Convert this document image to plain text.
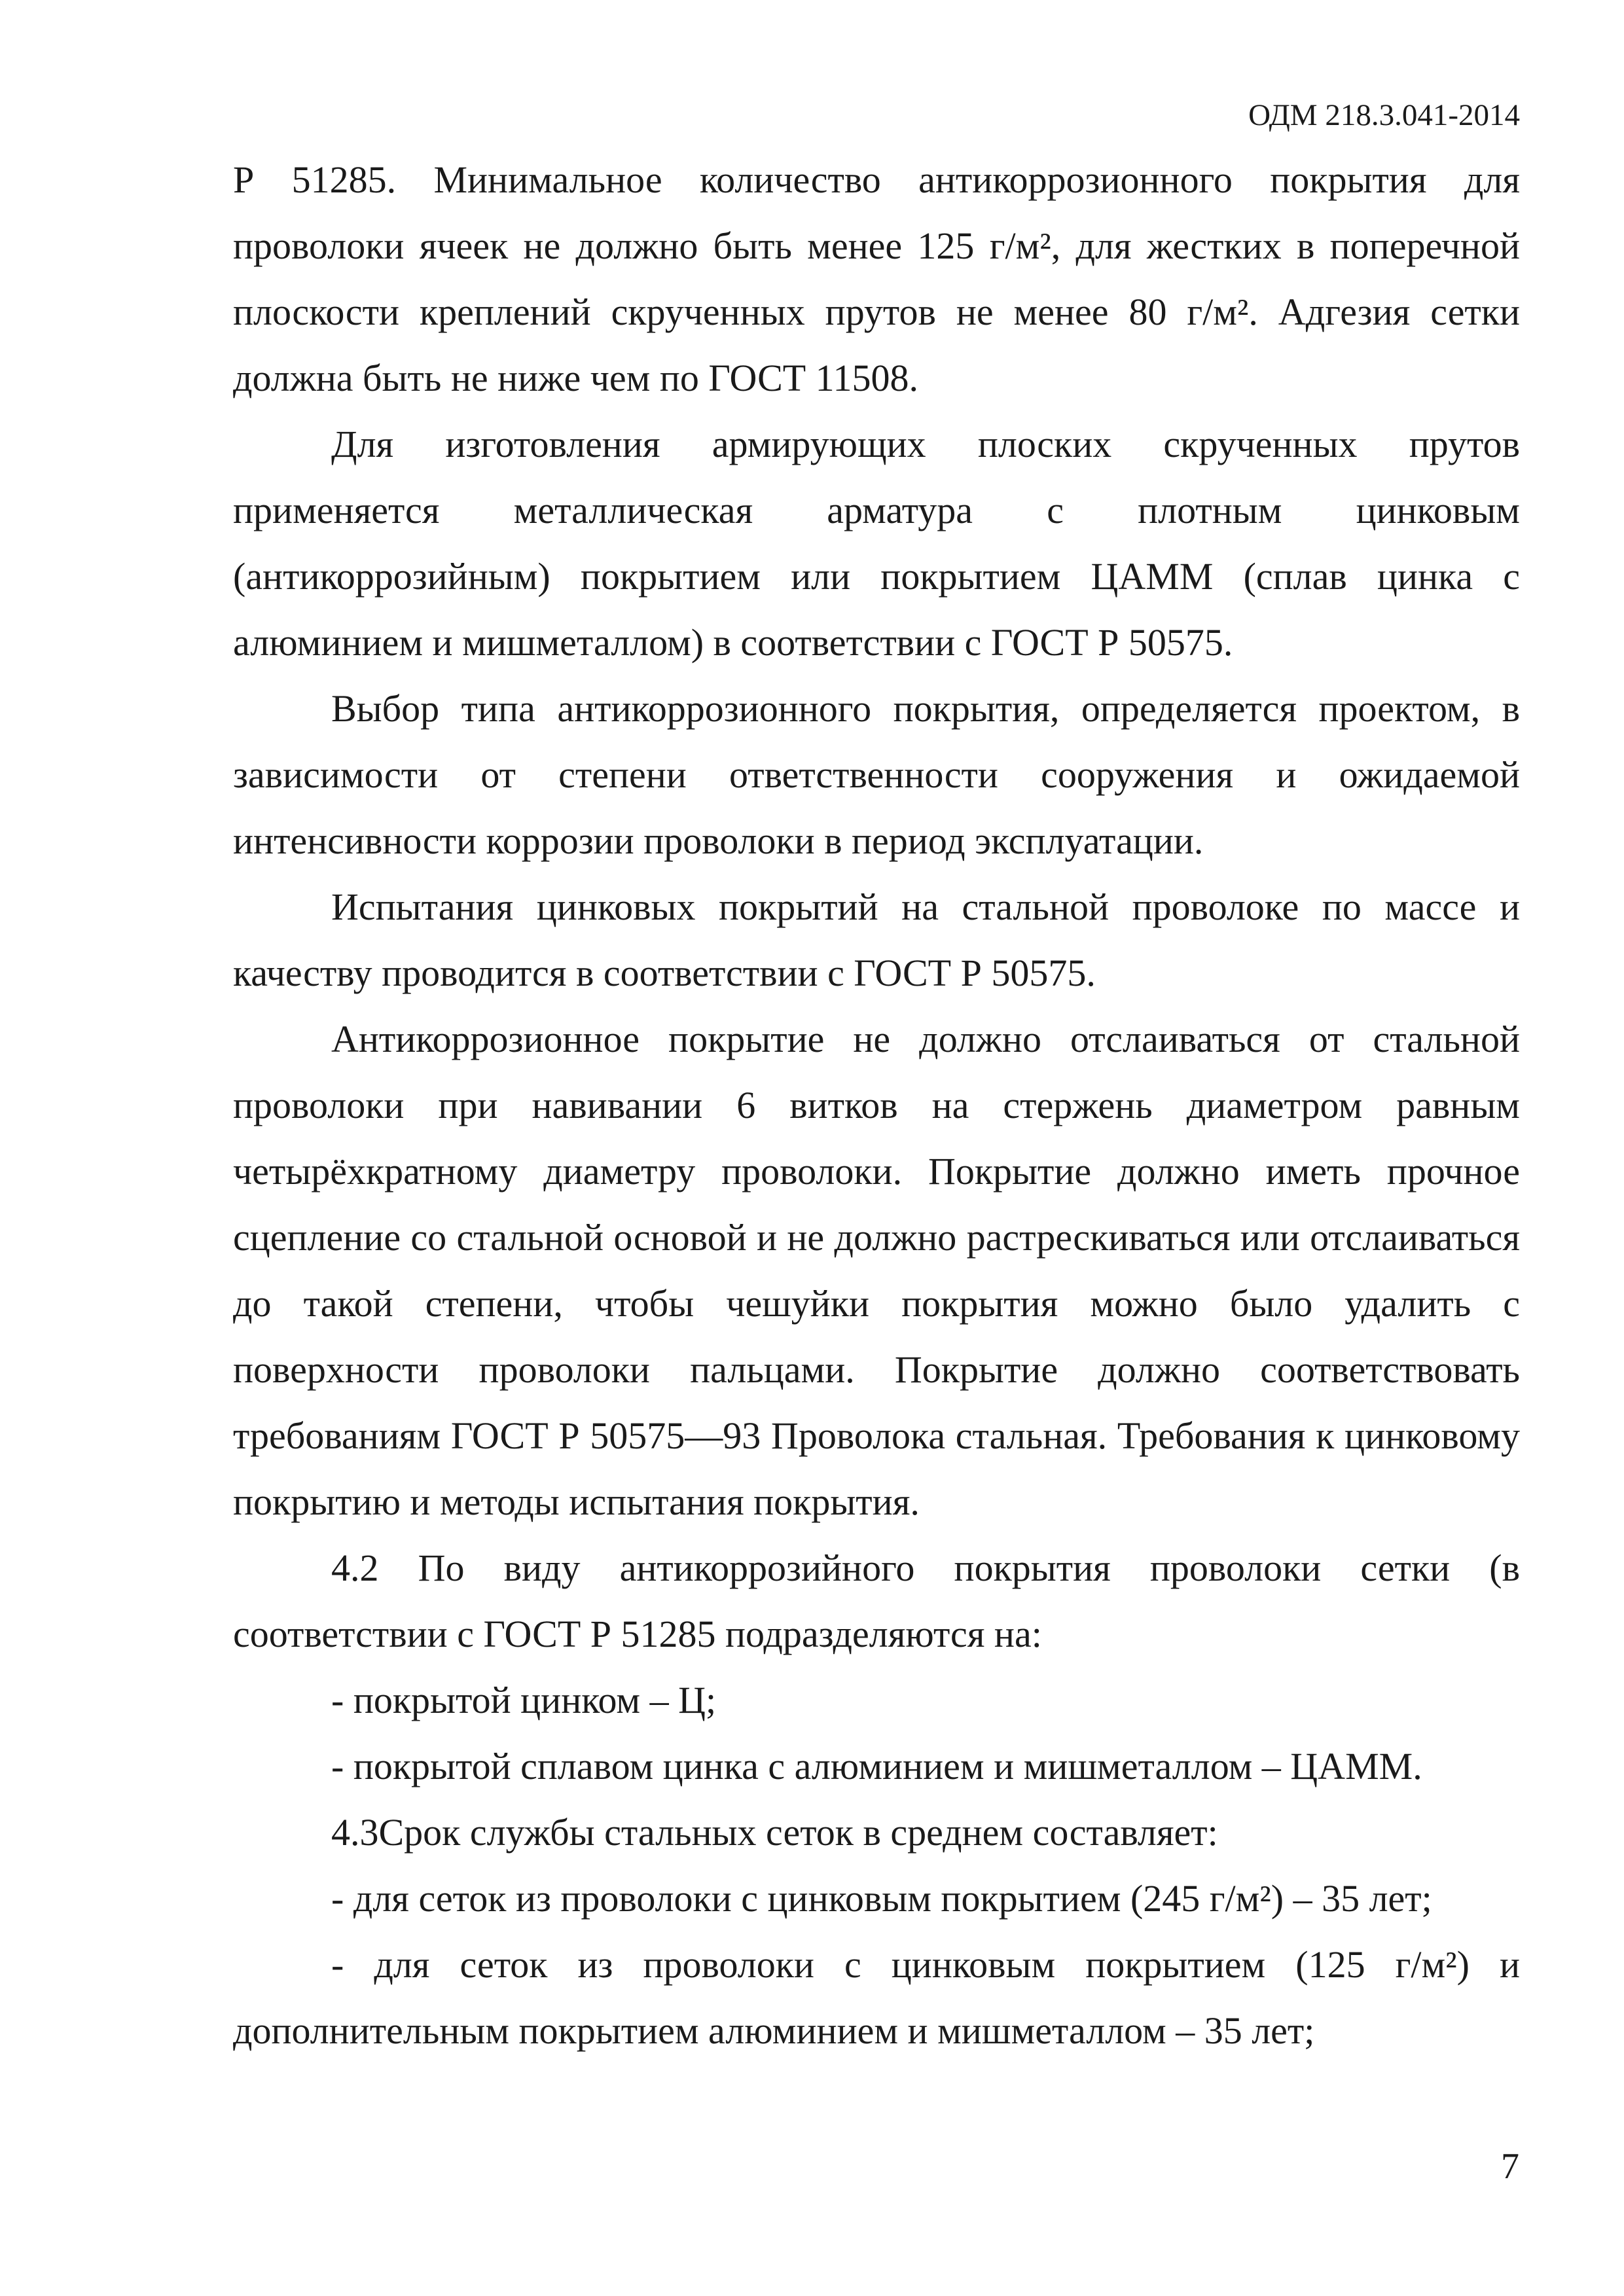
ОДМ 218.3.041-2014

Р 51285. Минимальное количество антикоррозионного покрытия для проволоки ячеек не должно быть менее 125 г/м², для жестких в поперечной плоскости креплений скрученных прутов не менее 80 г/м². Адгезия сетки должна быть не ниже чем по ГОСТ 11508.

Для изготовления армирующих плоских скрученных прутов применяется металлическая арматура с плотным цинковым (антикоррозийным) покрытием или покрытием ЦАММ (сплав цинка с алюминием и мишметаллом) в соответствии с ГОСТ Р 50575.

Выбор типа антикоррозионного покрытия, определяется проектом, в зависимости от степени ответственности сооружения и ожидаемой интенсивности коррозии проволоки в период эксплуатации.

Испытания цинковых покрытий на стальной проволоке по массе и качеству проводится в соответствии с ГОСТ Р 50575.

Антикоррозионное покрытие не должно отслаиваться от стальной проволоки при навивании 6 витков на стержень диаметром равным четырёхкратному диаметру проволоки. Покрытие должно иметь прочное сцепление со стальной основой и не должно растрескиваться или отслаиваться до такой степени, чтобы чешуйки покрытия можно было удалить с поверхности проволоки пальцами. Покрытие должно соответствовать требованиям ГОСТ Р 50575—93 Проволока стальная. Требования к цинковому покрытию и методы испытания покрытия.

4.2 По виду антикоррозийного покрытия проволоки сетки (в соответствии с ГОСТ Р 51285 подразделяются на:

- покрытой цинком – Ц;

- покрытой сплавом цинка с алюминием и мишметаллом – ЦАММ.

4.3Срок службы стальных сеток в среднем составляет:

- для сеток из проволоки с цинковым покрытием (245 г/м²) – 35 лет;

- для сеток из проволоки с цинковым покрытием (125 г/м²) и дополнительным покрытием алюминием и мишметаллом – 35 лет;

7
